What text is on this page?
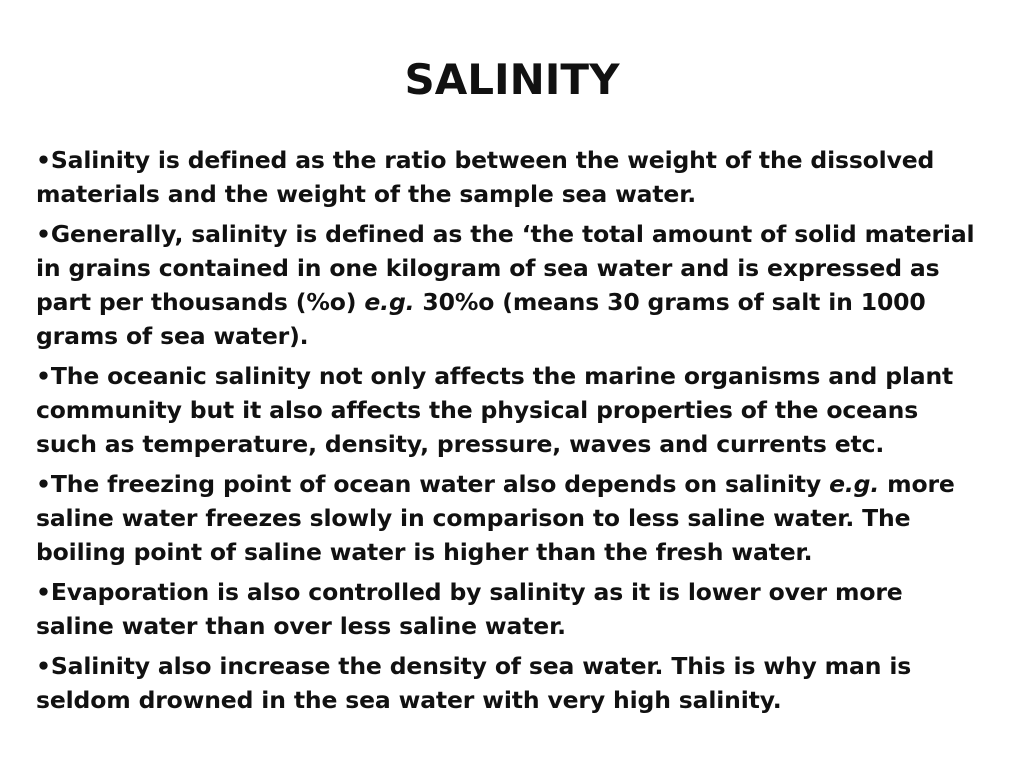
SALINITY

•Salinity is defined as the ratio between the weight of the dissolved materials and the weight of the sample sea water.

•Generally, salinity is defined as the ‘the total amount of solid material in grains contained in one kilogram of sea water and is expressed as part per thousands (%o) e.g. 30%o (means 30 grams of salt in 1000 grams of sea water).

•The oceanic salinity not only affects the marine organisms and plant community but it also affects the physical properties of the oceans such as temperature, density, pressure, waves and currents etc.

•The freezing point of ocean water also depends on salinity e.g. more saline water freezes slowly in comparison to less saline water. The boiling point of saline water is higher than the fresh water.

•Evaporation is also controlled by salinity as it is lower over more saline water than over less saline water.

•Salinity also increase the density of sea water. This is why man is seldom drowned in the sea water with very high salinity.
